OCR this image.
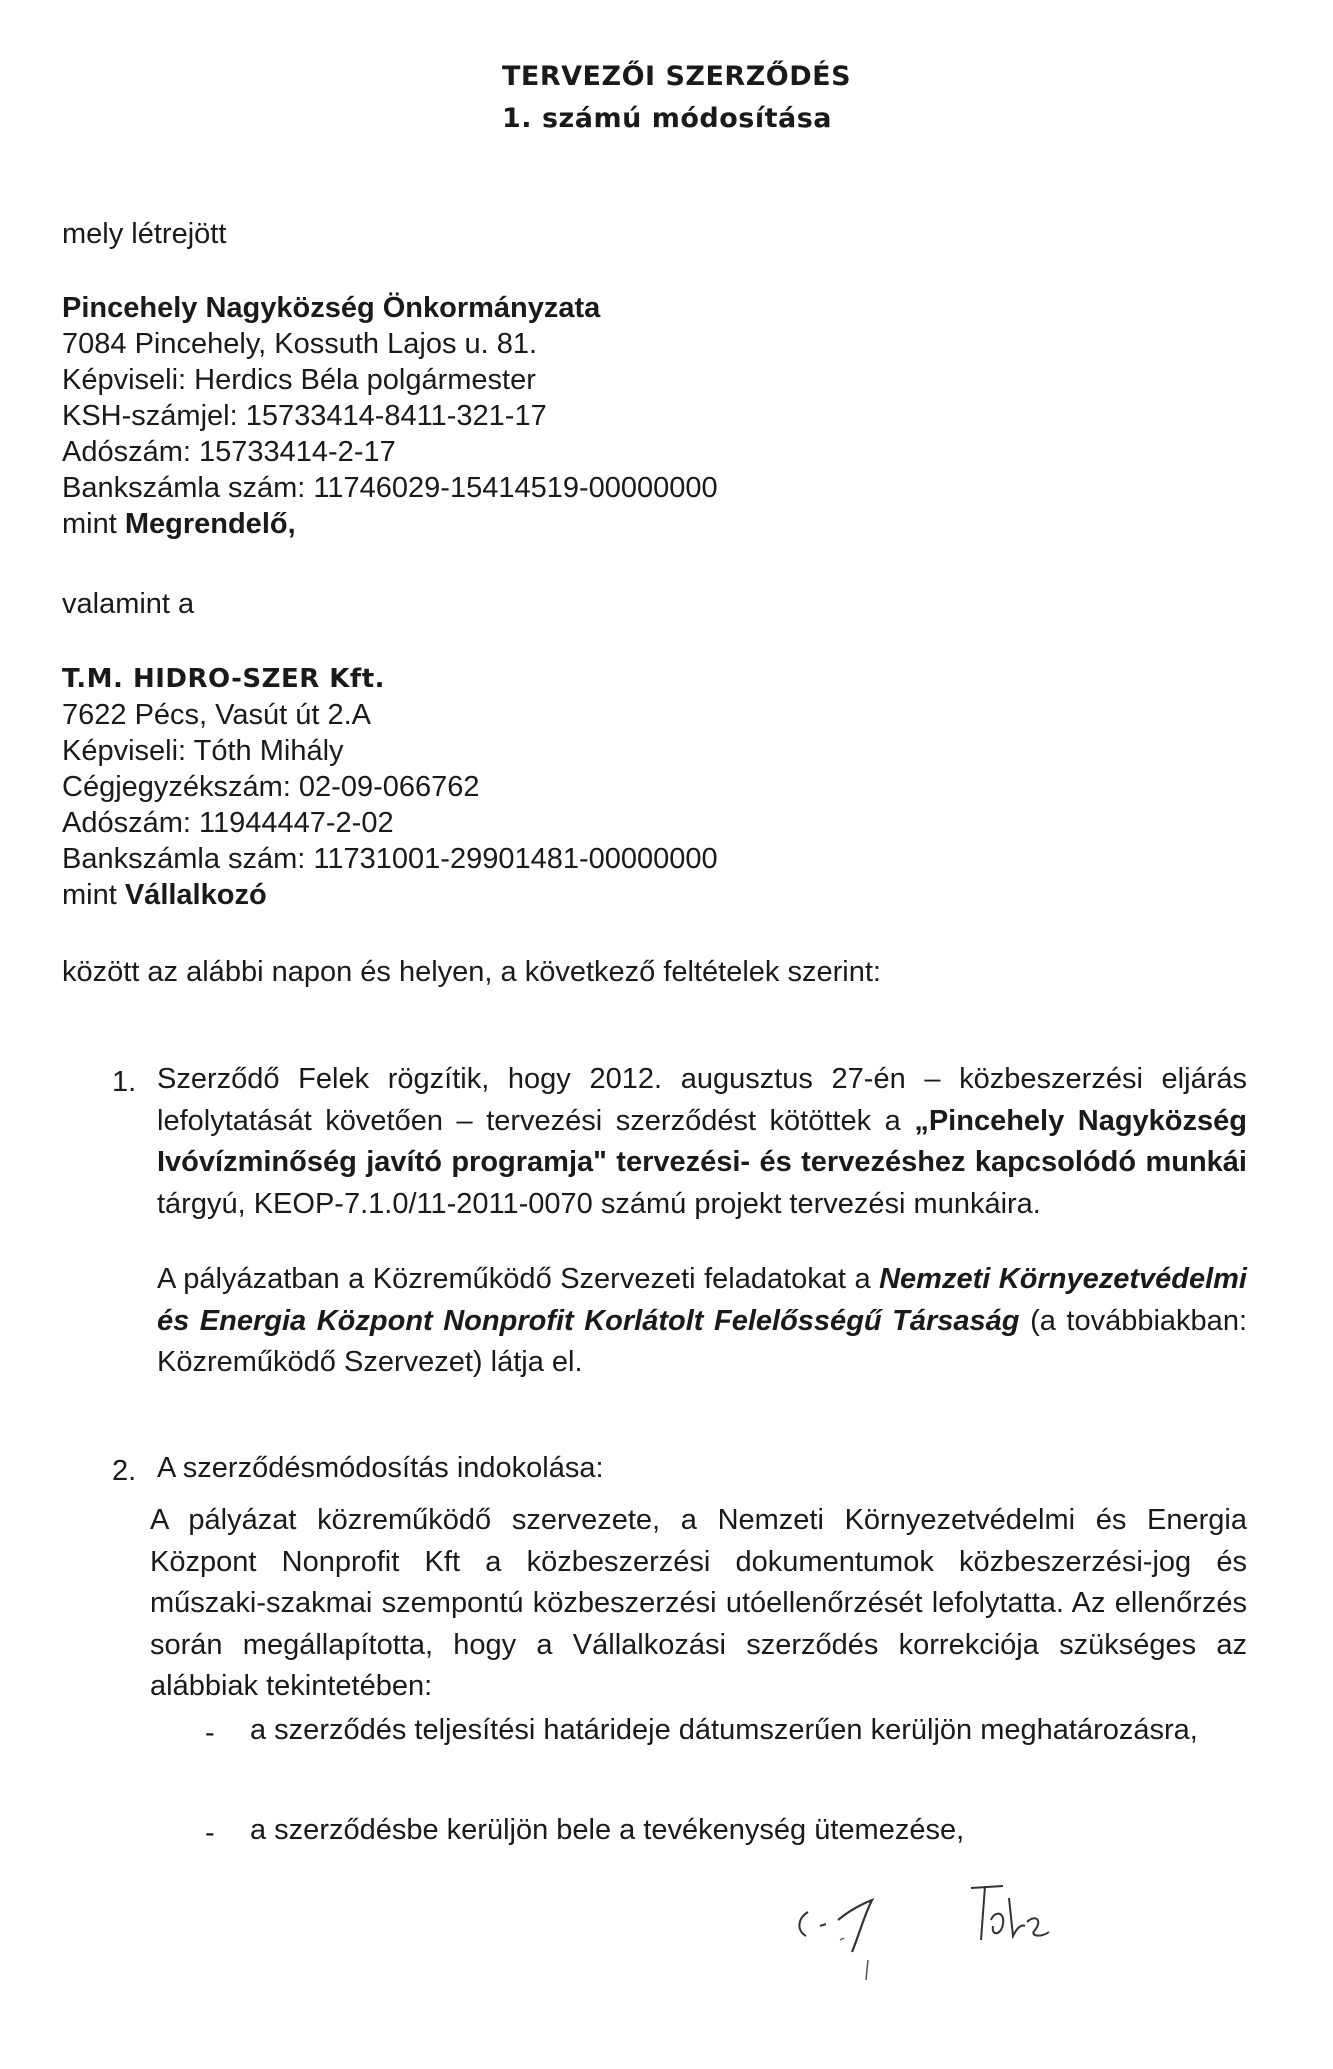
TERVEZŐI SZERZŐDÉS
1. számú módosítása
mely létrejött
Pincehely Nagyközség Önkormányzata
7084 Pincehely, Kossuth Lajos u. 81.
Képviseli: Herdics Béla polgármester
KSH-számjel: 15733414-8411-321-17
Adószám: 15733414-2-17
Bankszámla szám: 11746029-15414519-00000000
mint Megrendelő,
valamint a
T.M. HIDRO-SZER Kft.
7622 Pécs, Vasút út 2.A
Képviseli: Tóth Mihály
Cégjegyzékszám: 02-09-066762
Adószám: 11944447-2-02
Bankszámla szám: 11731001-29901481-00000000
mint Vállalkozó
között az alábbi napon és helyen, a következő feltételek szerint:
1. Szerződő Felek rögzítik, hogy 2012. augusztus 27-én – közbeszerzési eljárás lefolytatását követően – tervezési szerződést kötöttek a „Pincehely Nagyközség Ivóvízminőség javító programja" tervezési- és tervezéshez kapcsolódó munkái tárgyú, KEOP-7.1.0/11-2011-0070 számú projekt tervezési munkáira.
A pályázatban a Közreműködő Szervezeti feladatokat a Nemzeti Környezetvédelmi és Energia Központ Nonprofit Korlátolt Felelősségű Társaság (a továbbiakban: Közreműködő Szervezet) látja el.
2. A szerződésmódosítás indokolása:
A pályázat közreműködő szervezete, a Nemzeti Környezetvédelmi és Energia Központ Nonprofit Kft a közbeszerzési dokumentumok közbeszerzési-jog és műszaki-szakmai szempontú közbeszerzési utóellenőrzését lefolytatta. Az ellenőrzés során megállapította, hogy a Vállalkozási szerződés korrekciója szükséges az alábbiak tekintetében:
- a szerződés teljesítési határideje dátumszerűen kerüljön meghatározásra,
- a szerződésbe kerüljön bele a tevékenység ütemezése,
